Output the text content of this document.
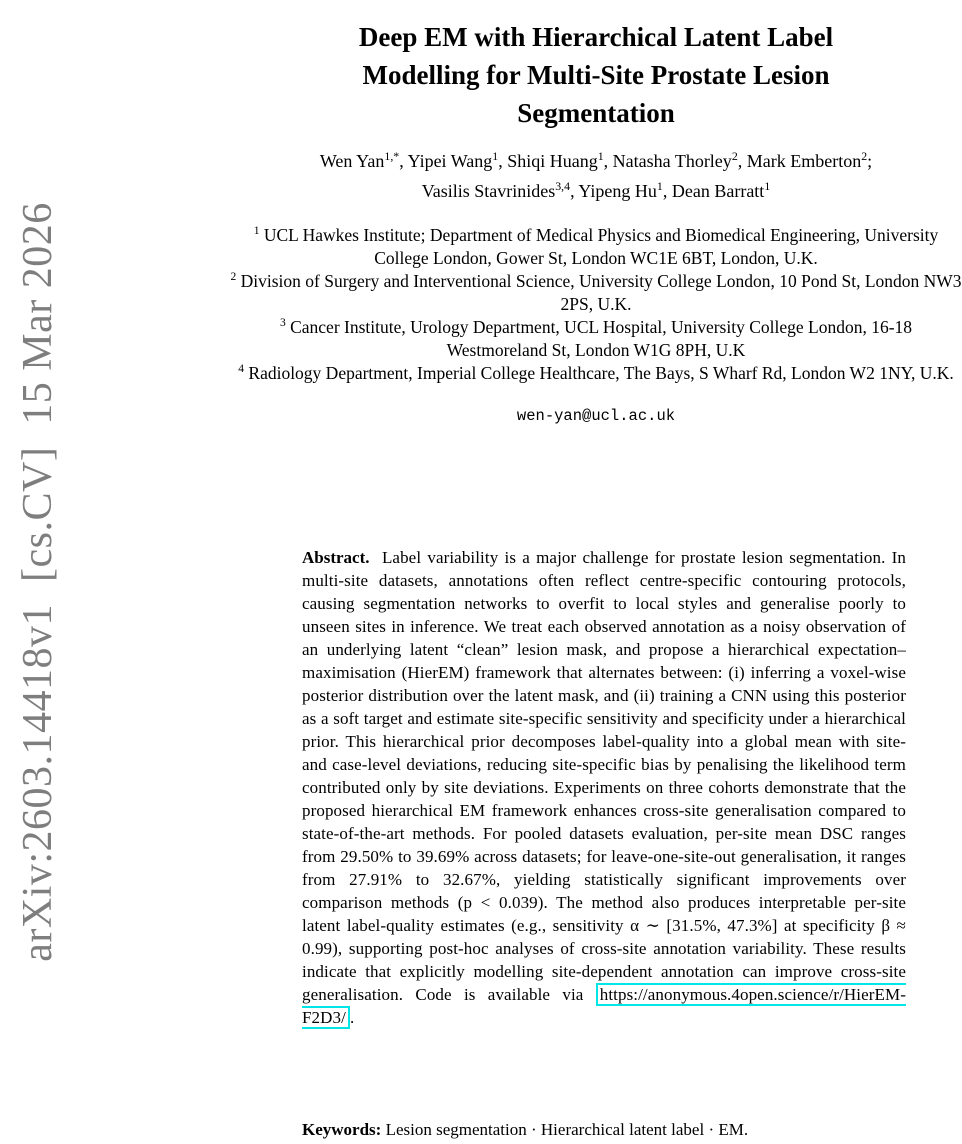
arXiv:2603.14418v1  [cs.CV]  15 Mar 2026
Deep EM with Hierarchical Latent Label
Modelling for Multi-Site Prostate Lesion
Segmentation
Wen Yan$^{1,*}$, Yipei Wang$^1$, Shiqi Huang$^1$, Natasha Thorley$^2$, Mark Emberton$^2$;
Vasilis Stavrinides$^{3,4}$, Yipeng Hu$^1$, Dean Barratt$^1$
$^1$ UCL Hawkes Institute; Department of Medical Physics and Biomedical Engineering, University College London, Gower St, London WC1E 6BT, London, U.K.
$^2$ Division of Surgery and Interventional Science, University College London, 10 Pond St, London NW3 2PS, U.K.
$^3$ Cancer Institute, Urology Department, UCL Hospital, University College London, 16-18 Westmoreland St, London W1G 8PH, U.K
$^4$ Radiology Department, Imperial College Healthcare, The Bays, S Wharf Rd, London W2 1NY, U.K.
wen-yan@ucl.ac.uk

Abstract. Label variability is a major challenge for prostate lesion segmentation. In multi-site datasets, annotations often reflect centre-specific contouring protocols, causing segmentation networks to overfit to local styles and generalise poorly to unseen sites in inference. We treat each observed annotation as a noisy observation of an underlying latent “clean” lesion mask, and propose a hierarchical expectation–maximisation (HierEM) framework that alternates between: (i) inferring a voxel-wise posterior distribution over the latent mask, and (ii) training a CNN using this posterior as a soft target and estimate site-specific sensitivity and specificity under a hierarchical prior. This hierarchical prior decomposes label-quality into a global mean with site- and case-level deviations, reducing site-specific bias by penalising the likelihood term contributed only by site deviations. Experiments on three cohorts demonstrate that the proposed hierarchical EM framework enhances cross-site generalisation compared to state-of-the-art methods. For pooled datasets evaluation, per-site mean DSC ranges from 29.50% to 39.69% across datasets; for leave-one-site-out generalisation, it ranges from 27.91% to 32.67%, yielding statistically significant improvements over comparison methods (p < 0.039). The method also produces interpretable per-site latent label-quality estimates (e.g., sensitivity α ∼ [31.5%, 47.3%] at specificity β ≈ 0.99), supporting post-hoc analyses of cross-site annotation variability. These results indicate that explicitly modelling site-dependent annotation can improve cross-site generalisation. Code is available via https://anonymous.4open.science/r/HierEM-F2D3/ .

Keywords: Lesion segmentation · Hierarchical latent label · EM.
